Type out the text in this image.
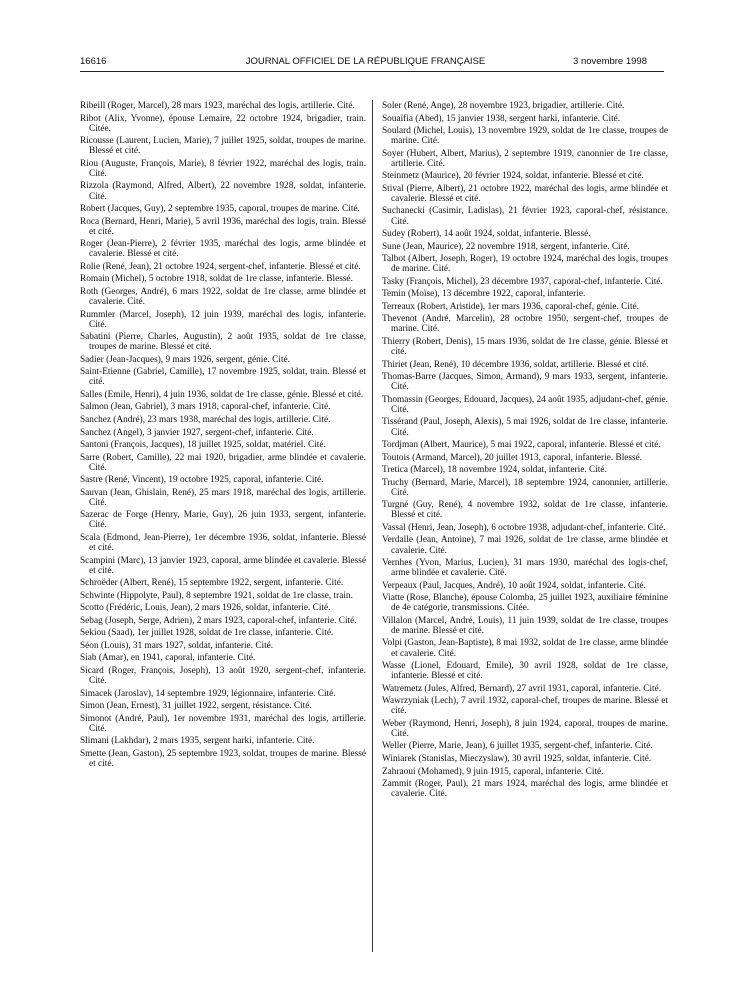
16616	JOURNAL OFFICIEL DE LA RÉPUBLIQUE FRANÇAISE	3 novembre 1998

Ribeill (Roger, Marcel), 28 mars 1923, maréchal des logis, artillerie. Cité.

Ribot (Alix, Yvonne), épouse Lemaire, 22 octobre 1924, brigadier, train. Citée.

Ricousse (Laurent, Lucien, Marie), 7 juillet 1925, soldat, troupes de marine. Blessé et cité.

Riou (Auguste, François, Marie), 8 février 1922, maréchal des logis, train. Cité.

Rizzola (Raymond, Alfred, Albert), 22 novembre 1928, soldat, infanterie. Cité.

Robert (Jacques, Guy), 2 septembre 1935, caporal, troupes de marine. Cité.

Roca (Bernard, Henri, Marie), 5 avril 1936, maréchal des logis, train. Blessé et cité.

Roger (Jean-Pierre), 2 février 1935, maréchal des logis, arme blindée et cavalerie. Blessé et cité.

Rolie (René, Jean), 21 octobre 1924, sergent-chef, infanterie. Blessé et cité.

Romain (Michel), 5 octobre 1918, soldat de 1re classe, infanterie. Blessé.

Roth (Georges, André), 6 mars 1922, soldat de 1re classe, arme blindée et cavalerie. Cité.

Rummler (Marcel, Joseph), 12 juin 1939, maréchal des logis, infanterie. Cité.

Sabatini (Pierre, Charles, Augustin), 2 août 1935, soldat de 1re classe, troupes de marine. Blessé et cité.

Sadier (Jean-Jacques), 9 mars 1926, sergent, génie. Cité.

Saint-Etienne (Gabriel, Camille), 17 novembre 1925, soldat, train. Blessé et cité.

Salles (Emile, Henri), 4 juin 1936, soldat de 1re classe, génie. Blessé et cité.

Salmon (Jean, Gabriel), 3 mars 1918, caporal-chef, infanterie. Cité.

Sanchez (André), 23 mars 1938, maréchal des logis, artillerie. Cité.

Sanchez (Angel), 3 janvier 1927, sergent-chef, infanterie. Cité.

Santoni (François, Jacques), 18 juillet 1925, soldat, matériel. Cité.

Sarre (Robert, Camille), 22 mai 1920, brigadier, arme blindée et cavalerie. Cité.

Sastre (René, Vincent), 19 octobre 1925, caporal, infanterie. Cité.

Sauvan (Jean, Ghislain, René), 25 mars 1918, maréchal des logis, artillerie. Cité.

Sazerac de Forge (Henry, Marie, Guy), 26 juin 1933, sergent, infanterie. Cité.

Scala (Edmond, Jean-Pierre), 1er décembre 1936, soldat, infanterie. Blessé et cité.

Scampini (Marc), 13 janvier 1923, caporal, arme blindée et cavalerie. Blessé et cité.

Schroëder (Albert, René), 15 septembre 1922, sergent, infanterie. Cité.

Schwinte (Hippolyte, Paul), 8 septembre 1921, soldat de 1re classe, train.

Scotto (Frédéric, Louis, Jean), 2 mars 1926, soldat, infanterie. Cité.

Sebag (Joseph, Serge, Adrien), 2 mars 1923, caporal-chef, infanterie. Cité.

Sekiou (Saad), 1er juillet 1928, soldat de 1re classe, infanterie. Cité.

Séon (Louis), 31 mars 1927, soldat, infanterie. Cité.

Siab (Amar), en 1941, caporal, infanterie. Cité.

Sicard (Roger, François, Joseph), 13 août 1920, sergent-chef, infanterie. Cité.

Simacek (Jaroslav), 14 septembre 1929, légionnaire, infanterie. Cité.

Simon (Jean, Ernest), 31 juillet 1922, sergent, résistance. Cité.

Simonot (André, Paul), 1er novembre 1931, maréchal des logis, artillerie. Cité.

Slimani (Lakhdar), 2 mars 1935, sergent harki, infanterie. Cité.

Smette (Jean, Gaston), 25 septembre 1923, soldat, troupes de marine. Blessé et cité.

Soler (René, Ange), 28 novembre 1923, brigadier, artillerie. Cité.

Souaïfia (Abed), 15 janvier 1938, sergent harki, infanterie. Cité.

Soulard (Michel, Louis), 13 novembre 1929, soldat de 1re classe, troupes de marine. Cité.

Soyer (Hubert, Albert, Marius), 2 septembre 1919, canonnier de 1re classe, artillerie. Cité.

Steinmetz (Maurice), 20 février 1924, soldat, infanterie. Blessé et cité.

Stival (Pierre, Albert), 21 octobre 1922, maréchal des logis, arme blindée et cavalerie. Blessé et cité.

Suchanecki (Casimir, Ladislas), 21 février 1923, caporal-chef, résistance. Cité.

Sudey (Robert), 14 août 1924, soldat, infanterie. Blessé.

Sune (Jean, Maurice), 22 novembre 1918, sergent, infanterie. Cité.

Talbot (Albert, Joseph, Roger), 19 octobre 1924, maréchal des logis, troupes de marine. Cité.

Tasky (François, Michel), 23 décembre 1937, caporal-chef, infanterie. Cité.

Temin (Moïse), 13 décembre 1922, caporal, infanterie.

Terreaux (Robert, Aristide), 1er mars 1936, caporal-chef, génie. Cité.

Thevenot (André, Marcelin), 28 octobre 1950, sergent-chef, troupes de marine. Cité.

Thierry (Robert, Denis), 15 mars 1936, soldat de 1re classe, génie. Blessé et cité.

Thiriet (Jean, René), 10 décembre 1936, soldat, artillerie. Blessé et cité.

Thomas-Barre (Jacques, Simon, Armand), 9 mars 1933, sergent, infanterie. Cité.

Thomassin (Georges, Edouard, Jacques), 24 août 1935, adjudant-chef, génie. Cité.

Tissérand (Paul, Joseph, Alexis), 5 mai 1926, soldat de 1re classe, infanterie. Cité.

Tordjman (Albert, Maurice), 5 mai 1922, caporal, infanterie. Blessé et cité.

Toutois (Armand, Marcel), 20 juillet 1913, caporal, infanterie. Blessé.

Tretica (Marcel), 18 novembre 1924, soldat, infanterie. Cité.

Truchy (Bernard, Marie, Marcel), 18 septembre 1924, canonnier, artillerie. Cité.

Turgné (Guy, René), 4 novembre 1932, soldat de 1re classe, infanterie. Blessé et cité.

Vassal (Henri, Jean, Joseph), 6 octobre 1938, adjudant-chef, infanterie. Cité.

Verdalle (Jean, Antoine), 7 mai 1926, soldat de 1re classe, arme blindée et cavalerie. Cité.

Vernhes (Yvon, Marius, Lucien), 31 mars 1930, maréchal des logis-chef, arme blindée et cavalerie. Cité.

Verpeaux (Paul, Jacques, André), 10 août 1924, soldat, infanterie. Cité.

Viatte (Rose, Blanche), épouse Colomba, 25 juillet 1923, auxiliaire féminine de 4e catégorie, transmissions. Citée.

Villalon (Marcel, André, Louis), 11 juin 1939, soldat de 1re classe, troupes de marine. Blessé et cité.

Volpi (Gaston, Jean-Baptiste), 8 mai 1932, soldat de 1re classe, arme blindée et cavalerie. Cité.

Wasse (Lionel, Edouard, Emile), 30 avril 1928, soldat de 1re classe, infanterie. Blessé et cité.

Watremetz (Jules, Alfred, Bernard), 27 avril 1931, caporal, infanterie. Cité.

Wawrzyniak (Lech), 7 avril 1932, caporal-chef, troupes de marine. Blessé et cité.

Weber (Raymond, Henri, Joseph), 8 juin 1924, caporal, troupes de marine. Cité.

Weller (Pierre, Marie, Jean), 6 juillet 1935, sergent-chef, infanterie. Cité.

Winiarek (Stanislas, Mieczyslaw), 30 avril 1925, soldat, infanterie. Cité.

Zahraoui (Mohamed), 9 juin 1915, caporal, infanterie. Cité.

Zammit (Roger, Paul), 21 mars 1924, maréchal des logis, arme blindée et cavalerie. Cité.
